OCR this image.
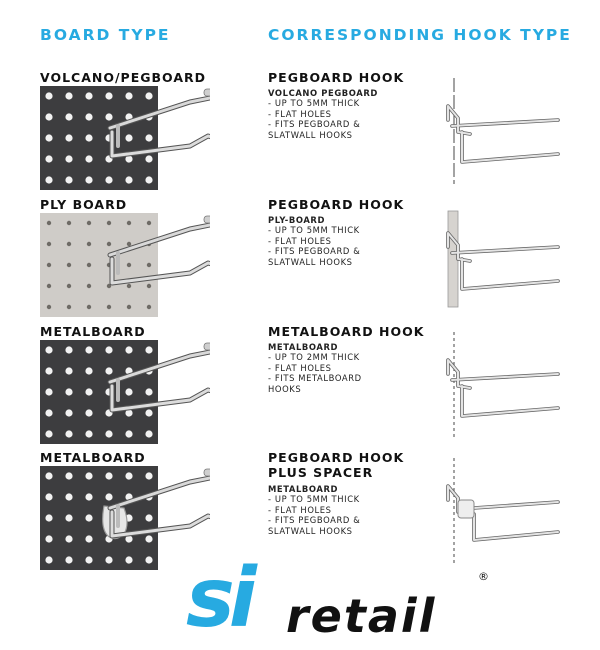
BOARD TYPE	CORRESPONDING HOOK TYPE
VOLCANO/PEGBOARD	PEGBOARD HOOK
VOLCANO PEGBOARD
- UP TO 5MM THICK
- FLAT HOLES
- FITS PEGBOARD &
SLATWALL HOOKS
PLY BOARD	PEGBOARD HOOK
PLY-BOARD
- UP TO 5MM THICK
- FLAT HOLES
- FITS PEGBOARD &
SLATWALL HOOKS
METALBOARD	METALBOARD HOOK
METALBOARD
- UP TO 2MM THICK
- FLAT HOLES
- FITS METALBOARD
HOOKS
METALBOARD	PEGBOARD HOOK
PLUS SPACER
METALBOARD
- UP TO 5MM THICK
- FLAT HOLES
- FITS PEGBOARD &
SLATWALL HOOKS
si retail
®
